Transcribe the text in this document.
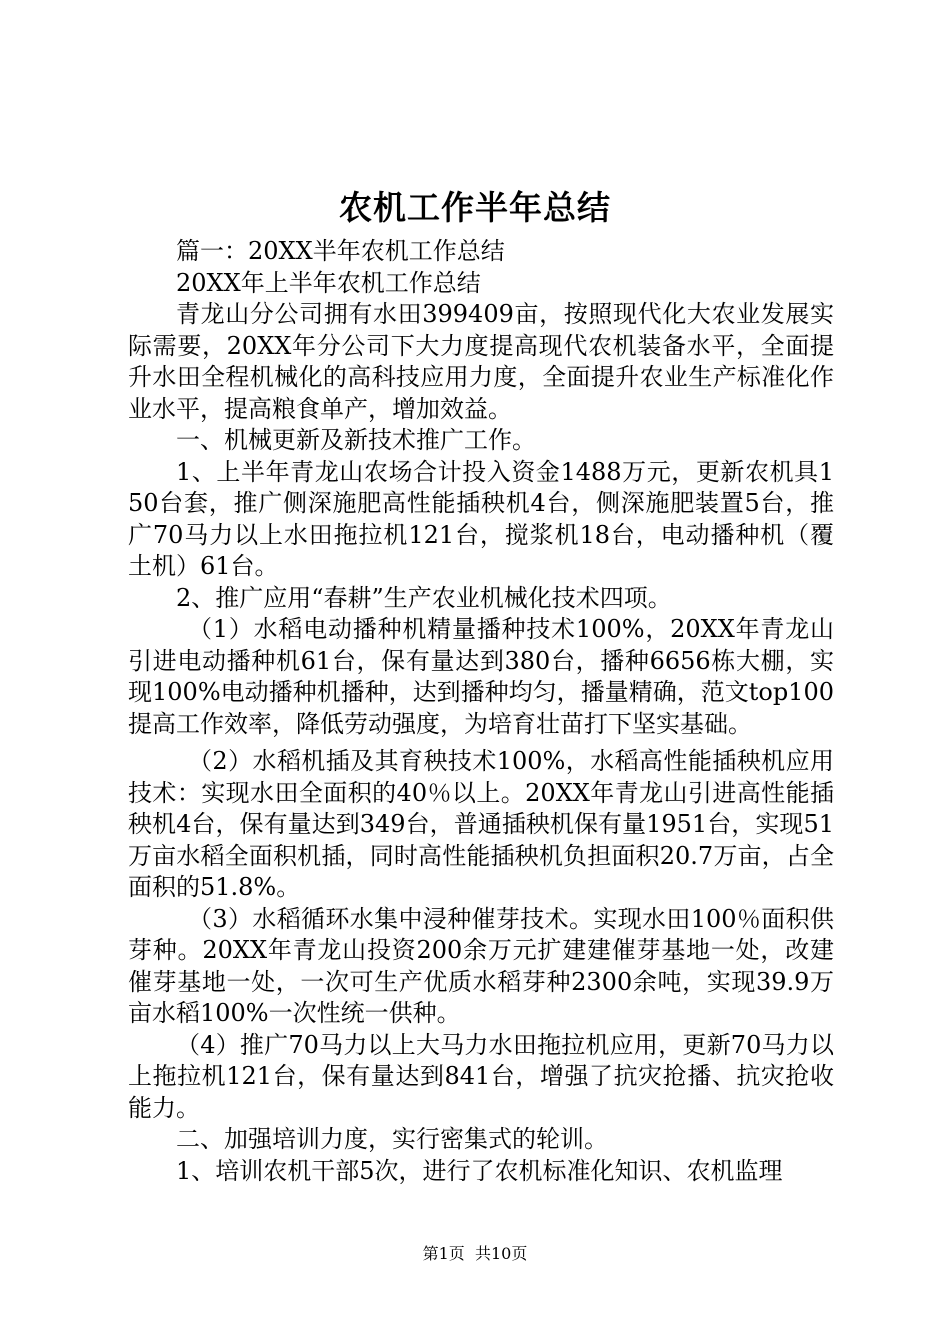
农机工作半年总结

篇一：20XX半年农机工作总结

20XX年上半年农机工作总结

青龙山分公司拥有水田399409亩，按照现代化大农业发展实际需要，20XX年分公司下大力度提高现代农机装备水平，全面提升水田全程机械化的高科技应用力度，全面提升农业生产标准化作业水平，提高粮食单产，增加效益。

一、机械更新及新技术推广工作。

1、上半年青龙山农场合计投入资金1488万元，更新农机具150台套，推广侧深施肥高性能插秧机4台，侧深施肥装置5台，推广70马力以上水田拖拉机121台，搅浆机18台，电动播种机（覆土机）61台。

2、推广应用“春耕”生产农业机械化技术四项。

（1）水稻电动播种机精量播种技术100%，20XX年青龙山引进电动播种机61台，保有量达到380台，播种6656栋大棚，实现100%电动播种机播种，达到播种均匀，播量精确，范文top100提高工作效率，降低劳动强度，为培育壮苗打下坚实基础。

（2）水稻机插及其育秧技术100%，水稻高性能插秧机应用技术：实现水田全面积的40％以上。20XX年青龙山引进高性能插秧机4台，保有量达到349台，普通插秧机保有量1951台，实现51万亩水稻全面积机插，同时高性能插秧机负担面积20.7万亩，占全面积的51.8%。

（3）水稻循环水集中浸种催芽技术。实现水田100％面积供芽种。20XX年青龙山投资200余万元扩建建催芽基地一处，改建催芽基地一处，一次可生产优质水稻芽种2300余吨，实现39.9万亩水稻100%一次性统一供种。

（4）推广70马力以上大马力水田拖拉机应用，更新70马力以上拖拉机121台，保有量达到841台，增强了抗灾抢播、抗灾抢收能力。

二、加强培训力度，实行密集式的轮训。

1、培训农机干部5次，进行了农机标准化知识、农机监理

第1页 共10页
